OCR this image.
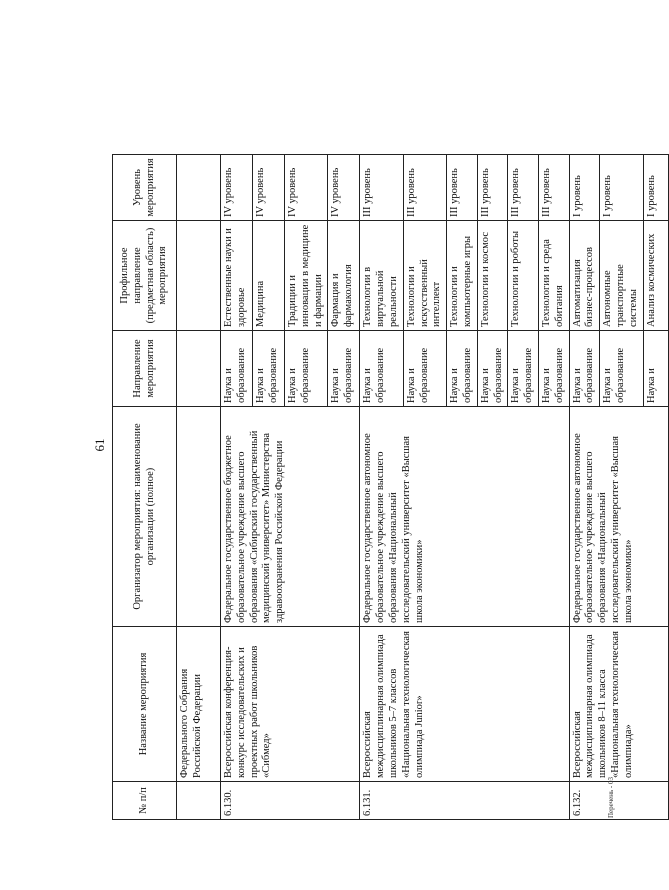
61
№ п/п	Название мероприятия	Организатор мероприятия: наименование организации (полное)	Направление мероприятия	Профильное направление (предметная область) мероприятия	Уровень мероприятия
	Федерального Собрания Российской Федерации				
6.130.	Всероссийская конференция-конкурс исследовательских и проектных работ школьников «Сибмед»	Федеральное государственное бюджетное образовательное учреждение высшего образования «Сибирский государственный медицинский университет» Министерства здравоохранения Российской Федерации	Наука и образование	Естественные науки и здоровье	IV уровень
			Наука и образование	Медицина	IV уровень
			Наука и образование	Традиции и инновации в медицине и фармации	IV уровень
			Наука и образование	Фармация и фармакология	IV уровень
6.131.	Всероссийская междисциплинарная олимпиада школьников 5–7 классов «Национальная технологическая олимпиада Junior»	Федеральное государственное автономное образовательное учреждение высшего образования «Национальный исследовательский университет «Высшая школа экономики»	Наука и образование	Технологии в виртуальной реальности	III уровень
			Наука и образование	Технологии и искусственный интеллект	III уровень
			Наука и образование	Технологии и компьютерные игры	III уровень
			Наука и образование	Технологии и космос	III уровень
			Наука и образование	Технологии и роботы	III уровень
			Наука и образование	Технологии и среда обитания	III уровень
6.132.	Всероссийская междисциплинарная олимпиада школьников 8–11 класса «Национальная технологическая олимпиада»	Федеральное государственное автономное образовательное учреждение высшего образования «Национальный исследовательский университет «Высшая школа экономики»	Наука и образование	Автоматизация бизнес-процессов	I уровень
			Наука и образование	Автономные транспортные системы	I уровень
			Наука и	Анализ космических	I уровень
Перечень - 03
